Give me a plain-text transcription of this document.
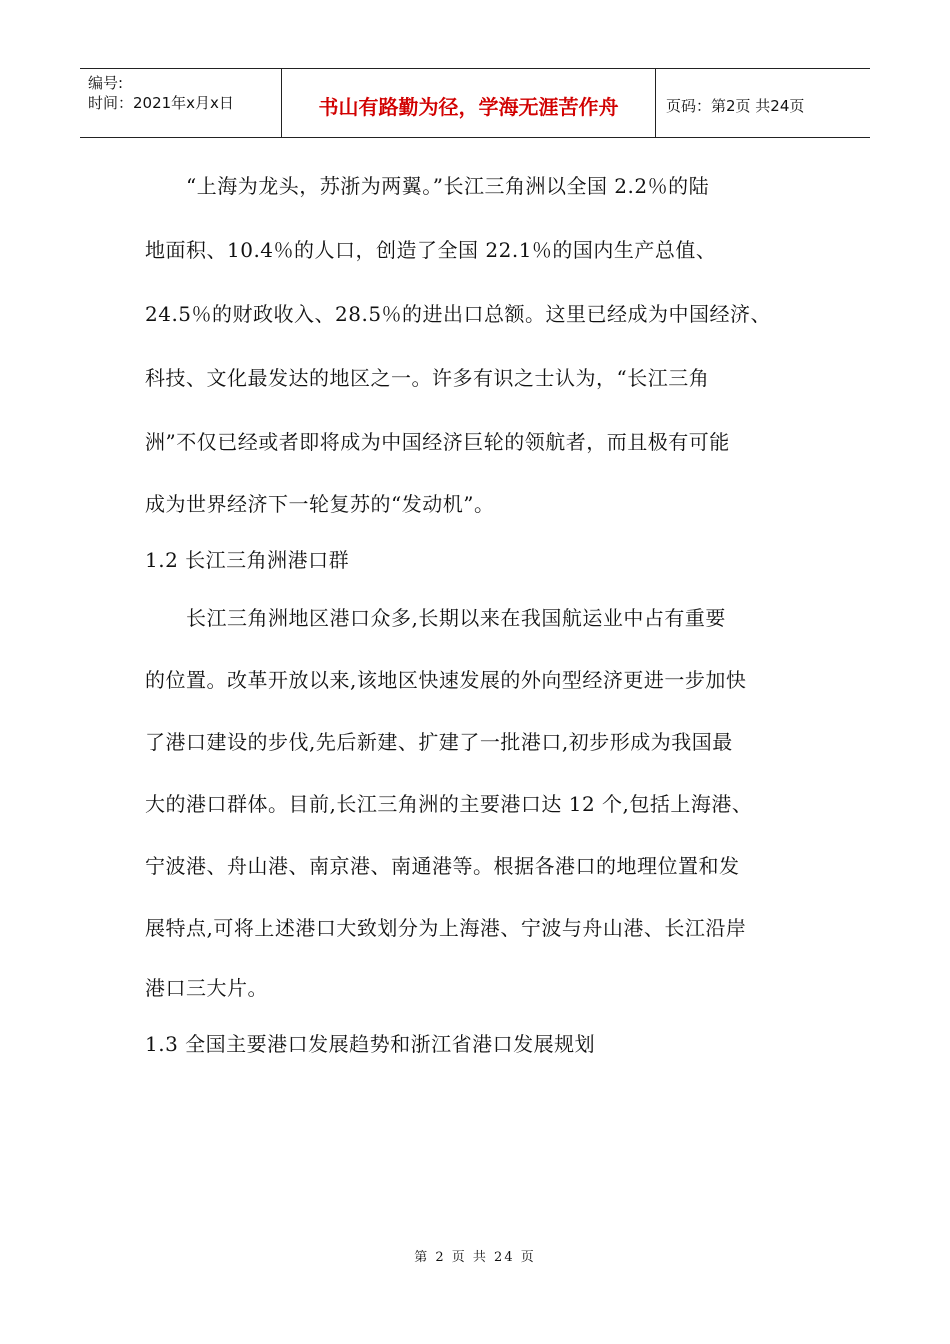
编号:
时间：2021年x月x日	书山有路勤为径，学海无涯苦作舟	页码：第2页 共24页
　　“上海为龙头，苏浙为两翼。”长江三角洲以全国 2.2％的陆
地面积、10.4％的人口，创造了全国 22.1％的国内生产总值、
24.5％的财政收入、28.5％的进出口总额。这里已经成为中国经济、
科技、文化最发达的地区之一。许多有识之士认为，“长江三角
洲”不仅已经或者即将成为中国经济巨轮的领航者，而且极有可能
成为世界经济下一轮复苏的“发动机”。
1.2 长江三角洲港口群
　　长江三角洲地区港口众多,长期以来在我国航运业中占有重要
的位置。改革开放以来,该地区快速发展的外向型经济更进一步加快
了港口建设的步伐,先后新建、扩建了一批港口,初步形成为我国最
大的港口群体。目前,长江三角洲的主要港口达 12 个,包括上海港、
宁波港、舟山港、南京港、南通港等。根据各港口的地理位置和发
展特点,可将上述港口大致划分为上海港、宁波与舟山港、长江沿岸
港口三大片。
1.3 全国主要港口发展趋势和浙江省港口发展规划
第 2 页 共 24 页
